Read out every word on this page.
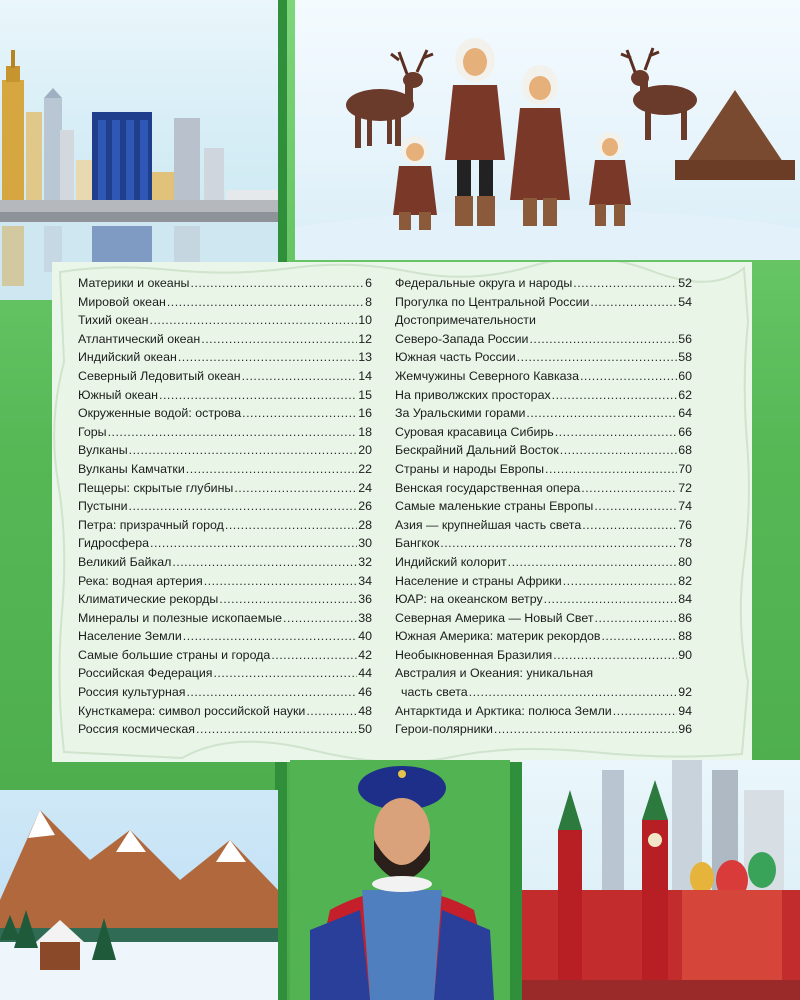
Материки и океаны .....	6
Мировой океан .....	8
Тихий океан .....	10
Атлантический океан .....	12
Индийский океан .....	13
Северный Ледовитый океан .....	14
Южный океан .....	15
Окруженные водой: острова .....	16
Горы .....	18
Вулканы .....	20
Вулканы Камчатки .....	22
Пещеры: скрытые глубины .....	24
Пустыни .....	26
Петра: призрачный город .....	28
Гидросфера .....	30
Великий Байкал .....	32
Река: водная артерия .....	34
Климатические рекорды .....	36
Минералы и полезные ископаемые .....	38
Население Земли .....	40
Самые большие страны и города .....	42
Российская Федерация .....	44
Россия культурная .....	46
Кунсткамера: символ российской науки .....	48
Россия космическая .....	50
Федеральные округа и народы .....	52
Прогулка по Центральной России .....	54
Достопримечательности
Северо-Запада России .....	56
Южная часть России .....	58
Жемчужины Северного Кавказа .....	60
На приволжских просторах .....	62
За Уральскими горами .....	64
Суровая красавица Сибирь .....	66
Бескрайний Дальний Восток .....	68
Страны и народы Европы .....	70
Венская государственная опера .....	72
Самые маленькие страны Европы .....	74
Азия — крупнейшая часть света .....	76
Бангкок .....	78
Индийский колорит .....	80
Население и страны Африки .....	82
ЮАР: на океанском ветру .....	84
Северная Америка — Новый Свет .....	86
Южная Америка: материк рекордов .....	88
Необыкновенная Бразилия .....	90
Австралия и Океания: уникальная
часть света .....	92
Антарктида и Арктика: полюса Земли .....	94
Герои-полярники .....	96
